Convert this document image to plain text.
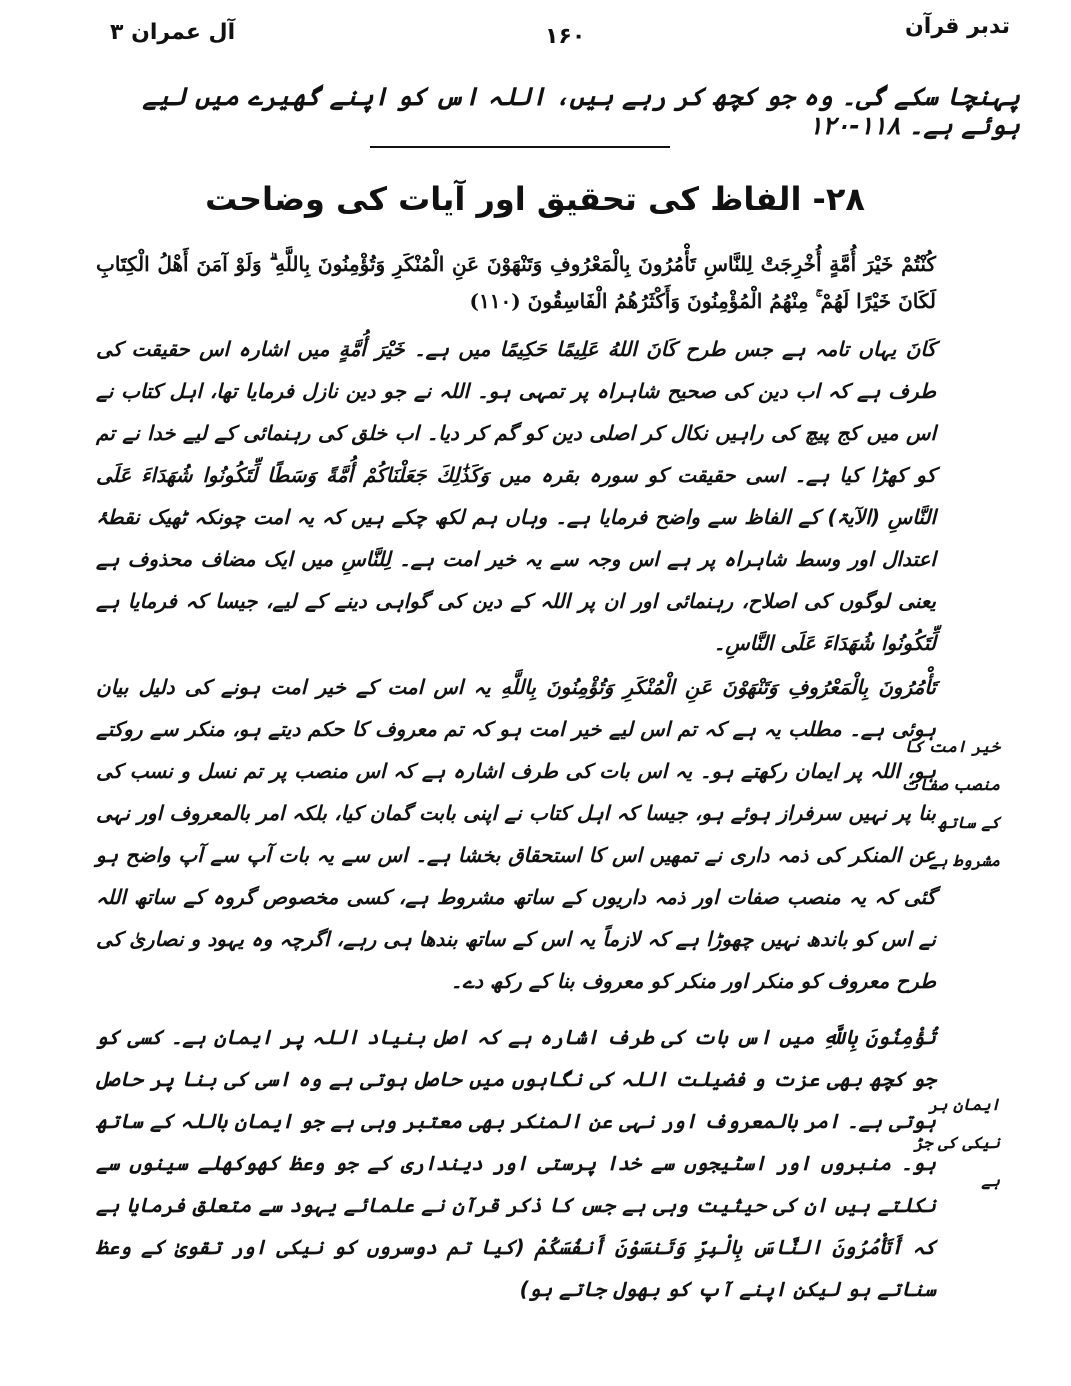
آل عمران ۳	۱۶۰	تدبر قرآن
پہنچا سکے گی۔ وہ جو کچھ کر رہے ہیں، اللہ اس کو اپنے گھیرے میں لیے ہوئے ہے۔ ۱۱۸-۱۲۰
۲۸- الفاظ کی تحقیق اور آیات کی وضاحت

كُنْتُمْ خَيْرَ أُمَّةٍ أُخْرِجَتْ لِلنَّاسِ تَأْمُرُونَ بِالْمَعْرُوفِ وَتَنْهَوْنَ عَنِ الْمُنْكَرِ وَتُؤْمِنُونَ بِاللَّهِ ۗ وَلَوْ آمَنَ أَهْلُ الْكِتَابِ لَكَانَ خَيْرًا لَهُمْ ۚ مِنْهُمُ الْمُؤْمِنُونَ وَأَكْثَرُهُمُ الْفَاسِقُونَ (۱۱۰)

كَانَ یہاں تامہ ہے جس طرح كَانَ اللهُ عَلِيمًا حَكِيمًا میں ہے۔ خَيْرَ أُمَّةٍ میں اشارہ اس حقیقت کی طرف ہے کہ اب دین کی صحیح شاہراہ پر تمہی ہو۔ اللہ نے جو دین نازل فرمایا تھا، اہل کتاب نے اس میں کج پیچ کی راہیں نکال کر اصلی دین کو گم کر دیا۔ اب خلق کی رہنمائی کے لیے خدا نے تم کو کھڑا کیا ہے۔ اسی حقیقت کو سورہ بقرہ میں وَكَذَٰلِكَ جَعَلْنَاكُمْ أُمَّةً وَسَطًا لِّتَكُونُوا شُهَدَاءَ عَلَى النَّاسِ (الآیۃ) کے الفاظ سے واضح فرمایا ہے۔ وہاں ہم لکھ چکے ہیں کہ یہ امت چونکہ ٹھیک نقطۂ اعتدال اور وسط شاہراہ پر ہے اس وجہ سے یہ خیر امت ہے۔ لِلنَّاسِ میں ایک مضاف محذوف ہے یعنی لوگوں کی اصلاح، رہنمائی اور ان پر اللہ کے دین کی گواہی دینے کے لیے، جیسا کہ فرمایا ہے لِّتَكُونُوا شُهَدَاءَ عَلَى النَّاسِ۔

تَأْمُرُونَ بِالْمَعْرُوفِ وَتَنْهَوْنَ عَنِ الْمُنْكَرِ وَتُؤْمِنُونَ بِاللَّهِ یہ اس امت کے خیر امت ہونے کی دلیل بیان ہوئی ہے۔ مطلب یہ ہے کہ تم اس لیے خیر امت ہو کہ تم معروف کا حکم دیتے ہو، منکر سے روکتے ہو، اللہ پر ایمان رکھتے ہو۔ یہ اس بات کی طرف اشارہ ہے کہ اس منصب پر تم نسل و نسب کی بنا پر نہیں سرفراز ہوئے ہو، جیسا کہ اہل کتاب نے اپنی بابت گمان کیا، بلکہ امر بالمعروف اور نہی عن المنکر کی ذمہ داری نے تمھیں اس کا استحقاق بخشا ہے۔ اس سے یہ بات آپ سے آپ واضح ہو گئی کہ یہ منصب صفات اور ذمہ داریوں کے ساتھ مشروط ہے، کسی مخصوص گروہ کے ساتھ اللہ نے اس کو باندھ نہیں چھوڑا ہے کہ لازماً یہ اس کے ساتھ بندھا ہی رہے، اگرچہ وہ یہود و نصاریٰ کی طرح معروف کو منکر اور منکر کو معروف بنا کے رکھ دے۔

تُؤْمِنُونَ بِاللَّهِ میں اس بات کی طرف اشارہ ہے کہ اصل بنیاد اللہ پر ایمان ہے۔ کسی کو جو کچھ بھی عزت و فضیلت اللہ کی نگاہوں میں حاصل ہوتی ہے وہ اسی کی بنا پر حاصل ہوتی ہے۔ امر بالمعروف اور نہی عن المنکر بھی معتبر وہی ہے جو ایمان باللہ کے ساتھ ہو۔ منبروں اور اسٹیجوں سے خدا پرستی اور دینداری کے جو وعظ کھوکھلے سینوں سے نکلتے ہیں ان کی حیثیت وہی ہے جس کا ذکر قرآن نے علمائے یہود سے متعلق فرمایا ہے کہ أَتَأْمُرُونَ النَّاسَ بِالْبِرِّ وَتَنسَوْنَ أَنفُسَكُمْ (کیا تم دوسروں کو نیکی اور تقویٰ کے وعظ سناتے ہو لیکن اپنے آپ کو بھول جاتے ہو)

خیر امت کا منصب صفات کے ساتھ مشروط ہے
ایمان ہر نیکی کی جڑ ہے
